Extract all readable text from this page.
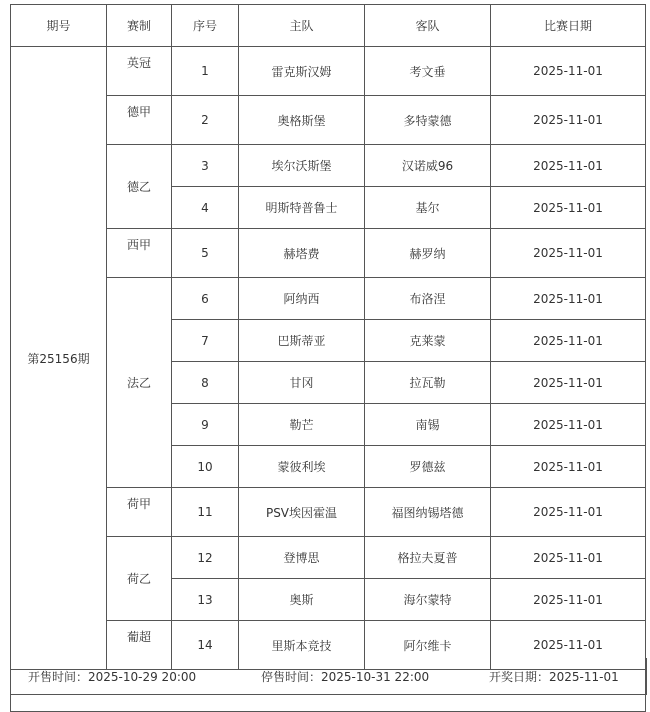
期号	赛制	序号	主队	客队	比赛日期
第25156期	英冠	1	雷克斯汉姆	考文垂	2025-11-01
	德甲	2	奥格斯堡	多特蒙德	2025-11-01
	德乙	3	埃尔沃斯堡	汉诺威96	2025-11-01
		4	明斯特普鲁士	基尔	2025-11-01
	西甲	5	赫塔费	赫罗纳	2025-11-01
	法乙	6	阿纳西	布洛涅	2025-11-01
		7	巴斯蒂亚	克莱蒙	2025-11-01
		8	甘冈	拉瓦勒	2025-11-01
		9	勒芒	南锡	2025-11-01
		10	蒙彼利埃	罗德兹	2025-11-01
	荷甲	11	PSV埃因霍温	福图纳锡塔德	2025-11-01
	荷乙	12	登博思	格拉夫夏普	2025-11-01
		13	奥斯	海尔蒙特	2025-11-01
	葡超	14	里斯本竞技	阿尔维卡	2025-11-01

开售时间：2025-10-29 20:00	停售时间：2025-10-31 22:00	开奖日期：2025-11-01
